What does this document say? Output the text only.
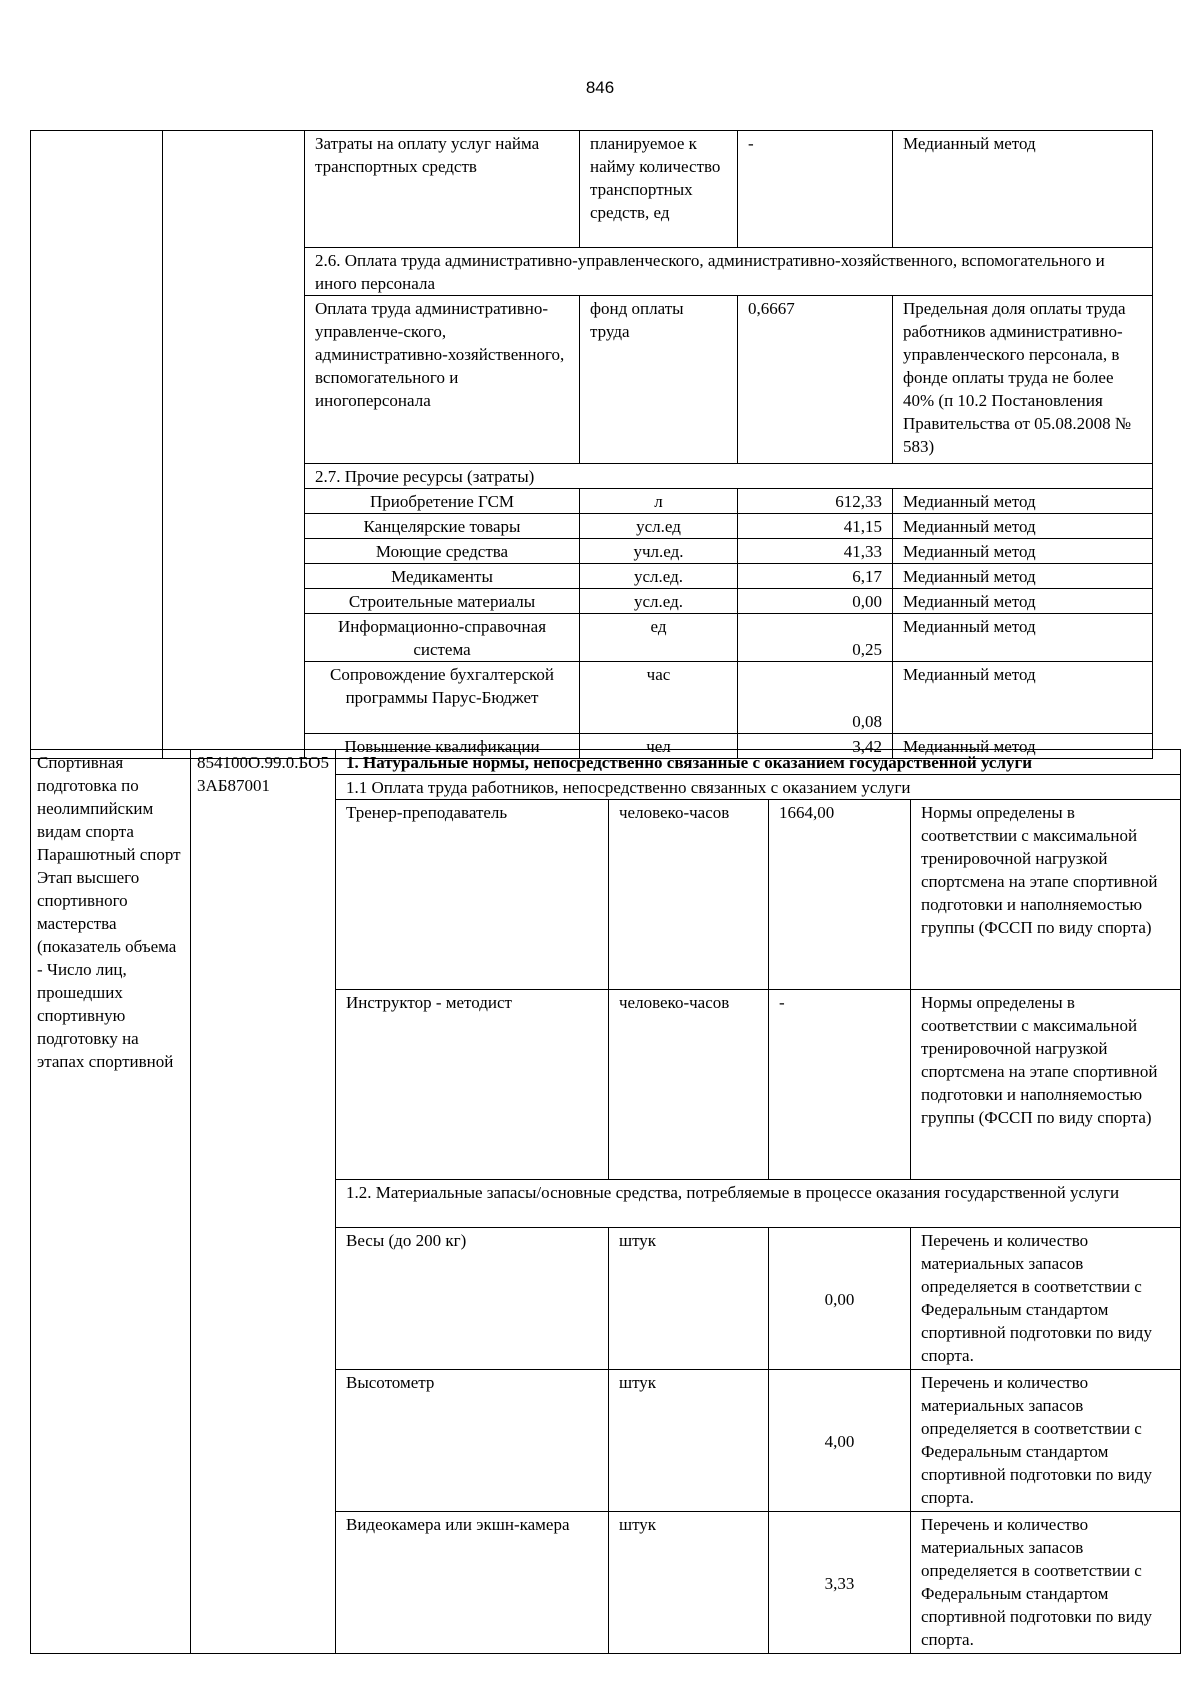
846
		Затраты на оплату услуг найма транспортных средств	планируемое к найму количество транспортных средств, ед	-	Медианный метод
		2.6. Оплата труда административно-управленческого, административно-хозяйственного, вспомогательного и иного персонала			
		Оплата труда административно-управленче-ского, административно-хозяйственного, вспомогательного и иногоперсонала	фонд оплаты труда	0,6667	Предельная доля оплаты труда работников административно-управленческого персонала, в фонде оплаты труда не более 40% (п 10.2 Постановления Правительства от 05.08.2008 № 583)
		2.7. Прочие ресурсы (затраты)			
		Приобретение ГСМ	л	612,33	Медианный метод
		Канцелярские товары	усл.ед	41,15	Медианный метод
		Моющие средства	учл.ед.	41,33	Медианный метод
		Медикаменты	усл.ед.	6,17	Медианный метод
		Строительные материалы	усл.ед.	0,00	Медианный метод
		Информационно-справочная система	ед	0,25	Медианный метод
		Сопровождение бухгалтерской программы Парус-Бюджет	час	0,08	Медианный метод
		Повышение квалификации	чел	3,42	Медианный метод
Спортивная подготовка по неолимпийским видам спорта Парашютный спорт Этап высшего спортивного мастерства (показатель объема - Число лиц, прошедших спортивную подготовку на этапах спортивной	854100О.99.0.БО53АБ87001	1. Натуральные нормы, непосредственно связанные с оказанием государственной услуги			
		1.1 Оплата труда работников, непосредственно связанных с оказанием услуги			
		Тренер-преподаватель	человеко-часов	1664,00	Нормы определены в соответствии с максимальной тренировочной нагрузкой спортсмена на этапе спортивной подготовки и наполняемостью группы (ФССП по виду спорта)
		Инструктор - методист	человеко-часов	-	Нормы определены в соответствии с максимальной тренировочной нагрузкой спортсмена на этапе спортивной подготовки и наполняемостью группы (ФССП по виду спорта)
		1.2. Материальные запасы/основные средства, потребляемые в процессе оказания государственной услуги			
		Весы (до 200 кг)	штук	0,00	Перечень и количество материальных запасов определяется в соответствии с Федеральным стандартом спортивной подготовки по виду спорта.
		Высотометр	штук	4,00	Перечень и количество материальных запасов определяется в соответствии с Федеральным стандартом спортивной подготовки по виду спорта.
		Видеокамера или экшн-камера	штук	3,33	Перечень и количество материальных запасов определяется в соответствии с Федеральным стандартом спортивной подготовки по виду спорта.
